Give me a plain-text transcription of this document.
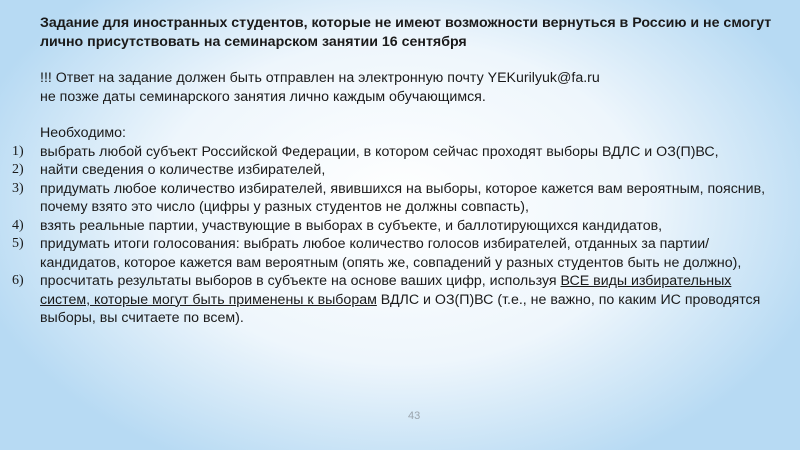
Задание для иностранных студентов, которые не имеют возможности вернуться в Россию и не смогут лично присутствовать на семинарском занятии 16 сентября

!!! Ответ на задание должен быть отправлен на электронную почту YEKurilyuk@fa.ru
не позже даты семинарского занятия лично каждым обучающимся.
Необходимо:
1) выбрать любой субъект Российской Федерации, в котором сейчас проходят выборы ВДЛС и ОЗ(П)ВС,
2) найти сведения о количестве избирателей,
3) придумать любое количество избирателей, явившихся на выборы, которое кажется вам вероятным, пояснив, почему взято это число (цифры у разных студентов не должны совпасть),
4) взять реальные партии, участвующие в выборах в субъекте, и баллотирующихся кандидатов,
5) придумать итоги голосования: выбрать любое количество голосов избирателей, отданных за партии/кандидатов, которое кажется вам вероятным (опять же, совпадений у разных студентов быть не должно),
6) просчитать результаты выборов в субъекте на основе ваших цифр, используя ВСЕ виды избирательных систем, которые могут быть применены к выборам ВДЛС и ОЗ(П)ВС (т.е., не важно, по каким ИС проводятся выборы, вы считаете по всем).
43
